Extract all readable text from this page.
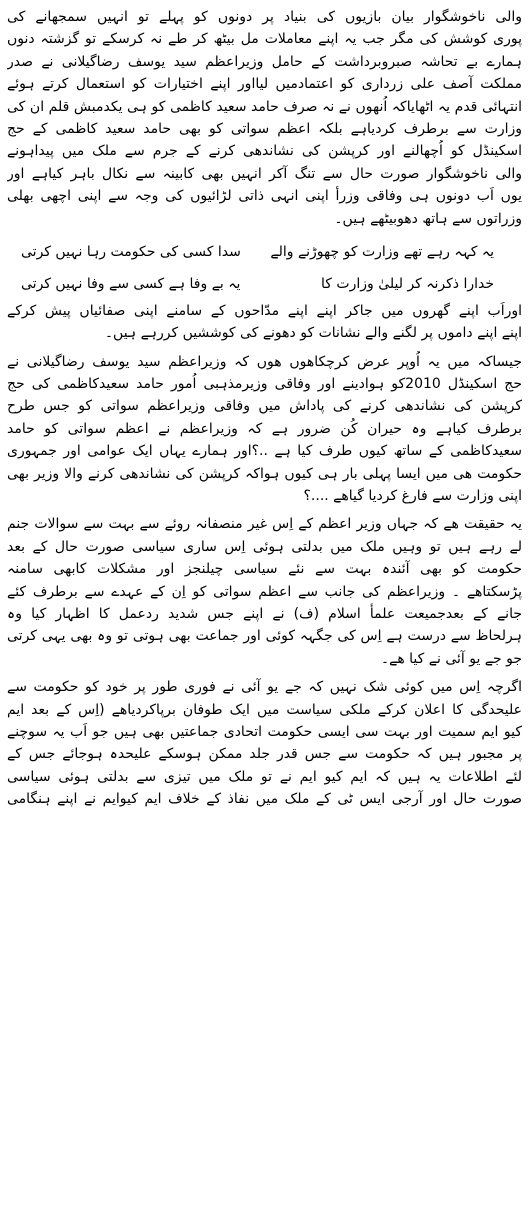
والی ناخوشگوار بیان بازیوں کی بنیاد پر دونوں کو پہلے تو انہیں سمجھانے کی
پوری کوشش کی مگر جب یہ اپنے معاملات مل بیٹھ کر طے نہ کرسکے تو گزشتہ دنوں
ہمارے بے تحاشہ صبروبرداشت کے حامل وزیراعظم سید یوسف رضاگیلانی نے صدر
مملکت آصف علی زرداری کو اعتمادمیں لیااور اپنے اختیارات کو استعمال کرتے ہوئے
انتہائی قدم یہ اٹھایاکہ اُنھوں نے نہ صرف حامد سعید کاظمی کو ہی یکدمبش قلم ان کی
وزارت سے برطرف کردیاہے بلکہ اعظم سواتی کو بھی حامد سعید کاظمی کے حج
اسکینڈل کو اُچھالنے اور کرپشن کی نشاندھی کرنے کے جرم سے ملک میں پیداہونے
والی ناخوشگوار صورت حال سے تنگ آکر انہیں بھی کابینہ سے نکال باہر کیاہے اور
یوں اَب دونوں ہی وفاقی وزرأ اپنی انہی ذاتی لڑائیوں کی وجہ سے اپنی اچھی بھلی
وزراتوں سے ہاتھ دھوبیٹھے ہیں۔
یہ کہہ رہے تھے وزارت کو چھوڑنے والے
سدا کسی کی حکومت رہا نہیں کرتی
خدارا ذکرنہ کر لیلیٰ وزارت کا
یہ بے وفا ہے کسی سے وفا نہیں کرتی
اوراَب اپنے گھروں میں جاکر اپنے اپنے مدّاحوں کے سامنے اپنی صفائیاں پیش کرکے
اپنے اپنے داموں پر لگنے والے نشانات کو دھونے کی کوششیں کررہے ہیں۔
جیساکہ میں یہ اُوپر عرض کرچکاھوں ھوں کہ وزیراعظم سید یوسف رضاگیلانی نے
حج اسکینڈل 2010کو ہوادینے اور وفاقی وزیرمذہبی اُمور حامد سعیدکاظمی کی حج
کرپشن کی نشاندھی کرنے کی پاداش میں وفاقی وزیراعظم سواتی کو جس طرح
برطرف کیاہے وہ حیران کُن ضرور ہے کہ وزیراعظم نے اعظم سواتی کو حامد
سعیدکاظمی کے ساتھ کیوں طرف کیا ہے ..؟اور ہمارے یہاں ایک عوامی اور جمہوری
حکومت ھی میں ایسا پہلی بار ہی کیوں ہواکہ کرپشن کی نشاندھی کرنے والا وزیر بھی
اپنی وزارت سے فارغ کردیا گیاھے ....؟
یہ حقیقت ھے کہ جہاں وزیر اعظم کے اِس غیر منصفانہ روئے سے بہت سے سوالات جنم
لے رہے ہیں تو وہیں ملک میں بدلتی ہوئی اِس ساری سیاسی صورت حال کے بعد
حکومت کو بھی آئندہ بہت سے نئے سیاسی چیلنجز اور مشکلات کابھی سامنہ
پڑسکتاھے ۔ وزیراعظم کی جانب سے اعظم سواتی کو اِن کے عہدے سے برطرف کئے
جانے کے بعدجمیعت علمأ اسلام (ف) نے اپنے جس شدید ردعمل کا اظہار کیا وہ
ہرلحاظ سے درست ہے اِس کی جگہہ کوئی اور جماعت بھی ہوتی تو وہ بھی یہی کرتی
جو جے یو آئی نے کیا ھے۔
اگرچہ اِس میں کوئی شک نہیں کہ جے یو آئی نے فوری طور پر خود کو حکومت سے
علیحدگی کا اعلان کرکے ملکی سیاست میں ایک طوفان برپاکردیاھے (اِس کے بعد ایم
کیو ایم سمیت اور بہت سی ایسی حکومت اتحادی جماعتیں بھی ہیں جو اَب یہ سوچنے
پر مجبور ہیں کہ حکومت سے جس قدر جلد ممکن ہوسکے علیحدہ ہوجائے جس کے
لئے اطلاعات یہ ہیں کہ ایم کیو ایم نے تو ملک میں تیزی سے بدلتی ہوئی سیاسی
صورت حال اور آرجی ایس ٹی کے ملک میں نفاذ کے خلاف ایم کیوایم نے اپنے ہنگامی
